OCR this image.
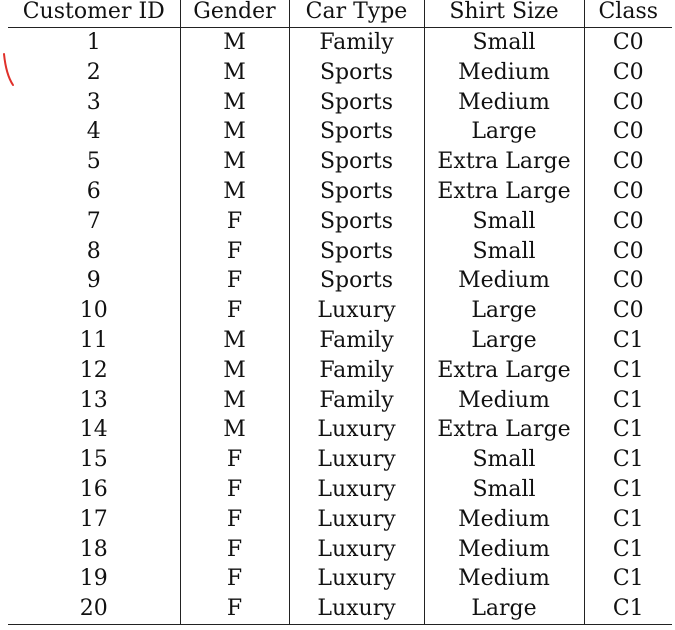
Customer ID	Gender	Car Type	Shirt Size	Class
1	M	Family	Small	C0
2	M	Sports	Medium	C0
3	M	Sports	Medium	C0
4	M	Sports	Large	C0
5	M	Sports	Extra Large	C0
6	M	Sports	Extra Large	C0
7	F	Sports	Small	C0
8	F	Sports	Small	C0
9	F	Sports	Medium	C0
10	F	Luxury	Large	C0
11	M	Family	Large	C1
12	M	Family	Extra Large	C1
13	M	Family	Medium	C1
14	M	Luxury	Extra Large	C1
15	F	Luxury	Small	C1
16	F	Luxury	Small	C1
17	F	Luxury	Medium	C1
18	F	Luxury	Medium	C1
19	F	Luxury	Medium	C1
20	F	Luxury	Large	C1
